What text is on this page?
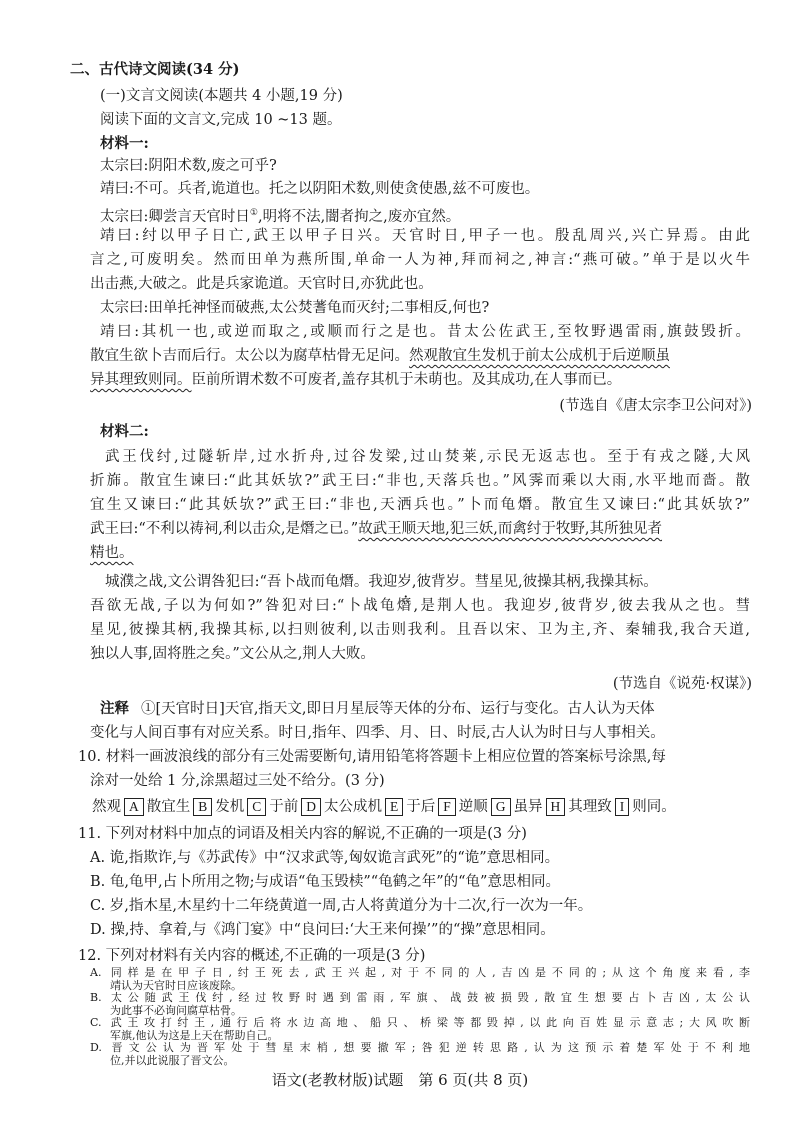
二、古代诗文阅读(34 分)
(一)文言文阅读(本题共 4 小题,19 分)
阅读下面的文言文,完成 10 ~13 题。
材料一:
太宗曰:阴阳术数,废之可乎?
靖曰:不可。兵者,诡道也。托之以阴阳术数,则使贪使愚,兹不可废也。
太宗曰:卿尝言天官时日①,明将不法,闇者拘之,废亦宜然。
靖曰:纣以甲子日亡,武王以甲子日兴。天官时日,甲子一也。殷乱周兴,兴亡异焉。由此
言之,可废明矣。然而田单为燕所围,单命一人为神,拜而祠之,神言:“燕可破。”单于是以火牛
出击燕,大破之。此是兵家诡道。天官时日,亦犹此也。
太宗曰:田单托神怪而破燕,太公焚蓍龟而灭纣;二事相反,何也?
靖曰:其机一也,或逆而取之,或顺而行之是也。昔太公佐武王,至牧野遇雷雨,旗鼓毁折。
散宜生欲卜吉而后行。太公以为腐草枯骨无足问。然观散宜生发机于前太公成机于后逆顺虽
异其理致则同。臣前所谓术数不可废者,盖存其机于未萌也。及其成功,在人事而已。
(节选自《唐太宗李卫公问对》)
材料二:
武王伐纣,过隧斩岸,过水折舟,过谷发梁,过山焚莱,示民无返志也。至于有戎之隧,大风
折旆。散宜生谏曰:“此其妖欤?”武王曰:“非也,天落兵也。”风霁而乘以大雨,水平地而嗇。散
宜生又谏曰:“此其妖欤?”武王曰:“非也,天洒兵也。”卜而龟熸。散宜生又谏曰:“此其妖欤?”
武王曰:“不利以祷祠,利以击众,是熸之已。”故武王顺天地,犯三妖,而禽纣于牧野,其所独见者
精也。
城濮之战,文公谓咎犯曰:“吾卜战而龟熸。我迎岁,彼背岁。彗星见,彼操其柄,我操其标。
吾欲无战,子以为何如?”咎犯对曰:“卜战龟熸,是荆人也。我迎岁,彼背岁,彼去我从之也。彗
星见,彼操其柄,我操其标,以扫则彼利,以击则我利。且吾以宋、卫为主,齐、秦辅我,我合天道,
独以人事,固将胜之矣。”文公从之,荆人大败。
(节选自《说苑·权谋》)
注释 ①[天官时日]天官,指天文,即日月星辰等天体的分布、运行与变化。古人认为天体
变化与人间百事有对应关系。时日,指年、四季、月、日、时辰,古人认为时日与人事相关。
10. 材料一画波浪线的部分有三处需要断句,请用铅笔将答题卡上相应位置的答案标号涂黑,每
涂对一处给 1 分,涂黑超过三处不给分。(3 分)
然观 A 散宜生 B 发机 C 于前 D 太公成机 E 于后 F 逆顺 G 虽异 H 其理致 I 则同。
11. 下列对材料中加点的词语及相关内容的解说,不正确的一项是(3 分)
A. 诡,指欺诈,与《苏武传》中“汉求武等,匈奴诡言武死”的“诡”意思相同。
B. 龟,龟甲,占卜所用之物;与成语“龟玉毁椟”“龟鹤之年”的“龟”意思相同。
C. 岁,指木星,木星约十二年绕黄道一周,古人将黄道分为十二次,行一次为一年。
D. 操,持、拿着,与《鸿门宴》中“良问曰:‘大王来何操’”的“操”意思相同。
12. 下列对材料有关内容的概述,不正确的一项是(3 分)
A. 同样是在甲子日,纣王死去,武王兴起,对于不同的人,吉凶是不同的;从这个角度来看,李
靖认为天官时日应该废除。
B. 太公随武王伐纣,经过牧野时遇到雷雨,军旗、战鼓被损毁,散宜生想要占卜吉凶,太公认
为此事不必询问腐草枯骨。
语文(老教材版)试题　第 6 页(共 8 页)
C. 武王攻打纣王,通行后将水边高地、船只、桥梁等都毁掉,以此向百姓显示意志;大风吹断
军旗,他认为这是上天在帮助自己。
D. 晋文公认为晋军处于彗星末梢,想要撤军;咎犯逆转思路,认为这预示着楚军处于不利地
位,并以此说服了晋文公。
